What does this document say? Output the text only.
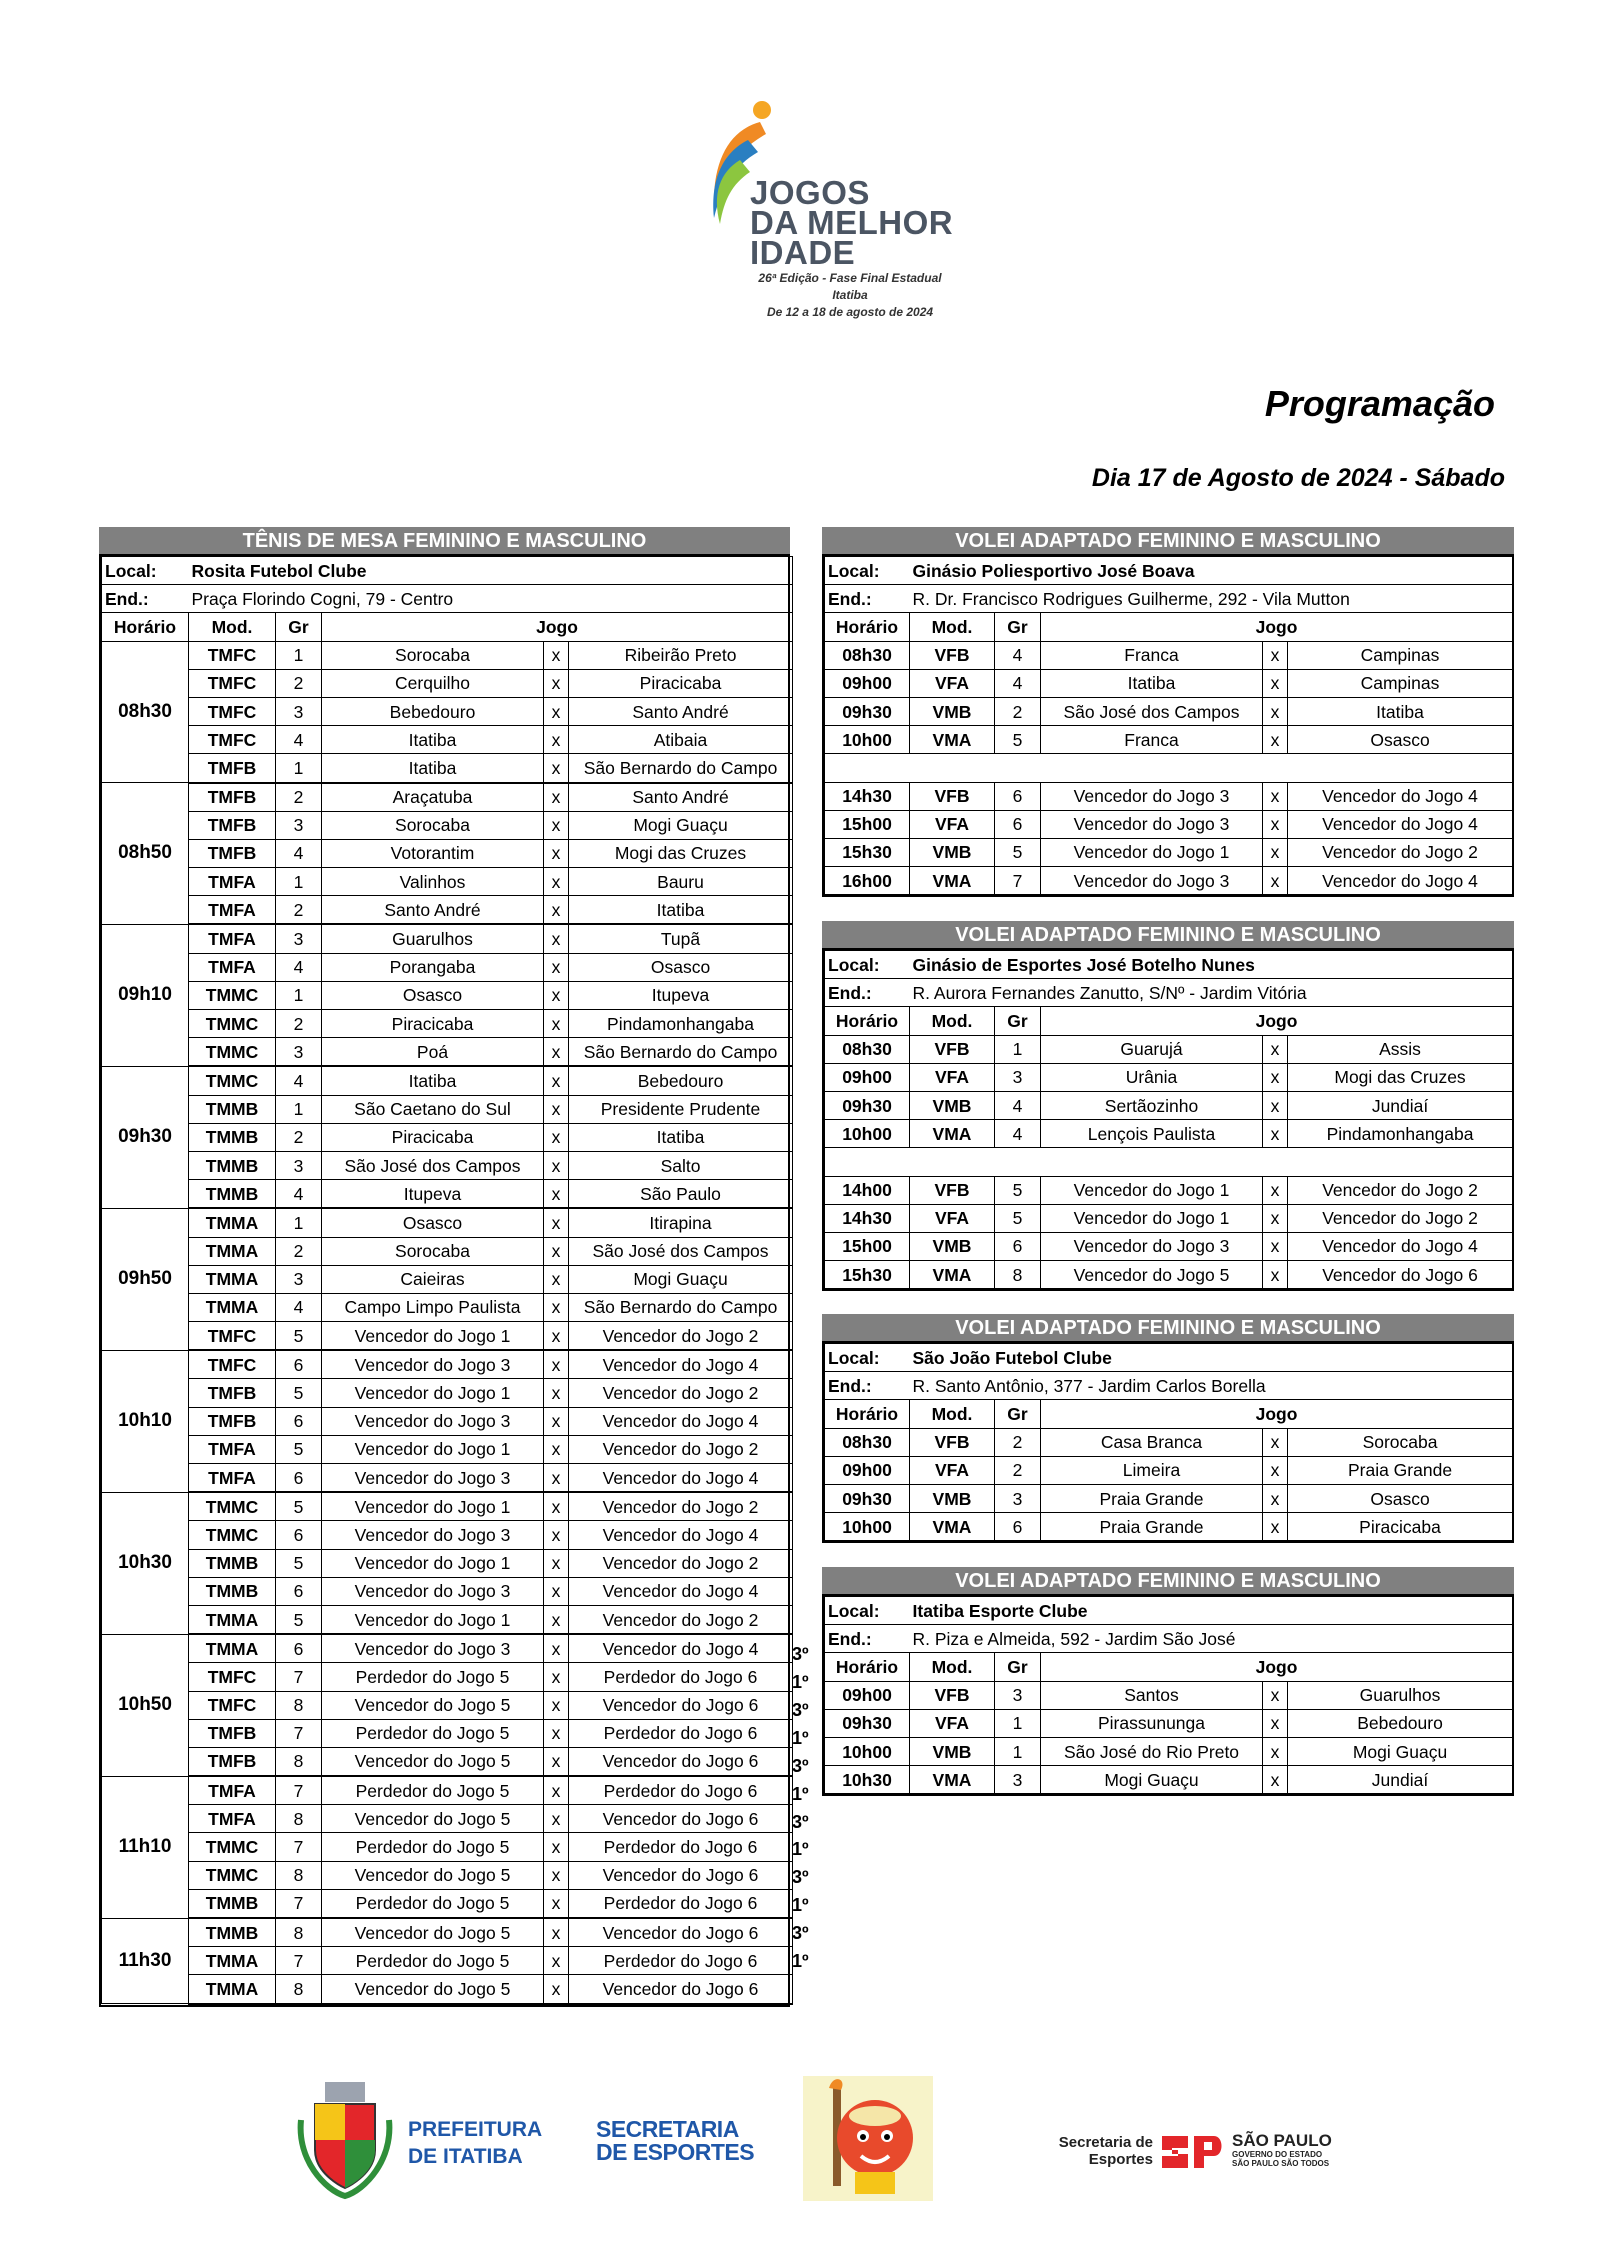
JOGOS
DA MELHOR
IDADE
26ª Edição - Fase Final Estadual
Itatiba
De 12 a 18 de agosto de 2024
Programação
Dia 17 de Agosto de 2024 - Sábado
TÊNIS DE MESA FEMININO E MASCULINO
Local:	Rosita Futebol Clube				
End.:	Praça Florindo Cogni, 79 - Centro				
Horário	Mod.	Gr	Jogo		
08h30	TMFC	1	Sorocaba	x	Ribeirão Preto
	TMFC	2	Cerquilho	x	Piracicaba
	TMFC	3	Bebedouro	x	Santo André
	TMFC	4	Itatiba	x	Atibaia
	TMFB	1	Itatiba	x	São Bernardo do Campo
08h50	TMFB	2	Araçatuba	x	Santo André
	TMFB	3	Sorocaba	x	Mogi Guaçu
	TMFB	4	Votorantim	x	Mogi das Cruzes
	TMFA	1	Valinhos	x	Bauru
	TMFA	2	Santo André	x	Itatiba
09h10	TMFA	3	Guarulhos	x	Tupã
	TMFA	4	Porangaba	x	Osasco
	TMMC	1	Osasco	x	Itupeva
	TMMC	2	Piracicaba	x	Pindamonhangaba
	TMMC	3	Poá	x	São Bernardo do Campo
09h30	TMMC	4	Itatiba	x	Bebedouro
	TMMB	1	São Caetano do Sul	x	Presidente Prudente
	TMMB	2	Piracicaba	x	Itatiba
	TMMB	3	São José dos Campos	x	Salto
	TMMB	4	Itupeva	x	São Paulo
09h50	TMMA	1	Osasco	x	Itirapina
	TMMA	2	Sorocaba	x	São José dos Campos
	TMMA	3	Caieiras	x	Mogi Guaçu
	TMMA	4	Campo Limpo Paulista	x	São Bernardo do Campo
	TMFC	5	Vencedor do Jogo 1	x	Vencedor do Jogo 2
10h10	TMFC	6	Vencedor do Jogo 3	x	Vencedor do Jogo 4
	TMFB	5	Vencedor do Jogo 1	x	Vencedor do Jogo 2
	TMFB	6	Vencedor do Jogo 3	x	Vencedor do Jogo 4
	TMFA	5	Vencedor do Jogo 1	x	Vencedor do Jogo 2
	TMFA	6	Vencedor do Jogo 3	x	Vencedor do Jogo 4
10h30	TMMC	5	Vencedor do Jogo 1	x	Vencedor do Jogo 2
	TMMC	6	Vencedor do Jogo 3	x	Vencedor do Jogo 4
	TMMB	5	Vencedor do Jogo 1	x	Vencedor do Jogo 2
	TMMB	6	Vencedor do Jogo 3	x	Vencedor do Jogo 4
	TMMA	5	Vencedor do Jogo 1	x	Vencedor do Jogo 2
10h50	TMMA	6	Vencedor do Jogo 3	x	Vencedor do Jogo 4
	TMFC	7	Perdedor do Jogo 5	x	Perdedor do Jogo 6
	TMFC	8	Vencedor do Jogo 5	x	Vencedor do Jogo 6
	TMFB	7	Perdedor do Jogo 5	x	Perdedor do Jogo 6
	TMFB	8	Vencedor do Jogo 5	x	Vencedor do Jogo 6
11h10	TMFA	7	Perdedor do Jogo 5	x	Perdedor do Jogo 6
	TMFA	8	Vencedor do Jogo 5	x	Vencedor do Jogo 6
	TMMC	7	Perdedor do Jogo 5	x	Perdedor do Jogo 6
	TMMC	8	Vencedor do Jogo 5	x	Vencedor do Jogo 6
	TMMB	7	Perdedor do Jogo 5	x	Perdedor do Jogo 6
11h30	TMMB	8	Vencedor do Jogo 5	x	Vencedor do Jogo 6
	TMMA	7	Perdedor do Jogo 5	x	Perdedor do Jogo 6
	TMMA	8	Vencedor do Jogo 5	x	Vencedor do Jogo 6
3º
1º
3º
1º
3º
1º
3º
1º
3º
1º
3º
1º
VOLEI ADAPTADO FEMININO E MASCULINO
Local:	Ginásio Poliesportivo José Boava				
End.:	R. Dr. Francisco Rodrigues Guilherme, 292 - Vila Mutton				
Horário	Mod.	Gr	Jogo		
08h30	VFB	4	Franca	x	Campinas
09h00	VFA	4	Itatiba	x	Campinas
09h30	VMB	2	São José dos Campos	x	Itatiba
10h00	VMA	5	Franca	x	Osasco

14h30	VFB	6	Vencedor do Jogo 3	x	Vencedor do Jogo 4
15h00	VFA	6	Vencedor do Jogo 3	x	Vencedor do Jogo 4
15h30	VMB	5	Vencedor do Jogo 1	x	Vencedor do Jogo 2
16h00	VMA	7	Vencedor do Jogo 3	x	Vencedor do Jogo 4
VOLEI ADAPTADO FEMININO E MASCULINO
Local:	Ginásio de Esportes José Botelho Nunes				
End.:	R. Aurora Fernandes Zanutto, S/Nº - Jardim Vitória				
Horário	Mod.	Gr	Jogo		
08h30	VFB	1	Guarujá	x	Assis
09h00	VFA	3	Urânia	x	Mogi das Cruzes
09h30	VMB	4	Sertãozinho	x	Jundiaí
10h00	VMA	4	Lençois Paulista	x	Pindamonhangaba

14h00	VFB	5	Vencedor do Jogo 1	x	Vencedor do Jogo 2
14h30	VFA	5	Vencedor do Jogo 1	x	Vencedor do Jogo 2
15h00	VMB	6	Vencedor do Jogo 3	x	Vencedor do Jogo 4
15h30	VMA	8	Vencedor do Jogo 5	x	Vencedor do Jogo 6
VOLEI ADAPTADO FEMININO E MASCULINO
Local:	São João Futebol Clube				
End.:	R. Santo Antônio, 377 - Jardim Carlos Borella				
Horário	Mod.	Gr	Jogo		
08h30	VFB	2	Casa Branca	x	Sorocaba
09h00	VFA	2	Limeira	x	Praia Grande
09h30	VMB	3	Praia Grande	x	Osasco
10h00	VMA	6	Praia Grande	x	Piracicaba
VOLEI ADAPTADO FEMININO E MASCULINO
Local:	Itatiba Esporte Clube				
End.:	R. Piza e Almeida, 592 - Jardim São José				
Horário	Mod.	Gr	Jogo		
09h00	VFB	3	Santos	x	Guarulhos
09h30	VFA	1	Pirassununga	x	Bebedouro
10h00	VMB	1	São José do Rio Preto	x	Mogi Guaçu
10h30	VMA	3	Mogi Guaçu	x	Jundiaí
PREFEITURA
DE ITATIBA
SECRETARIA
DE ESPORTES	Secretaria de
Esportes
SÃO PAULO
GOVERNO DO ESTADO
SÃO PAULO SÃO TODOS
